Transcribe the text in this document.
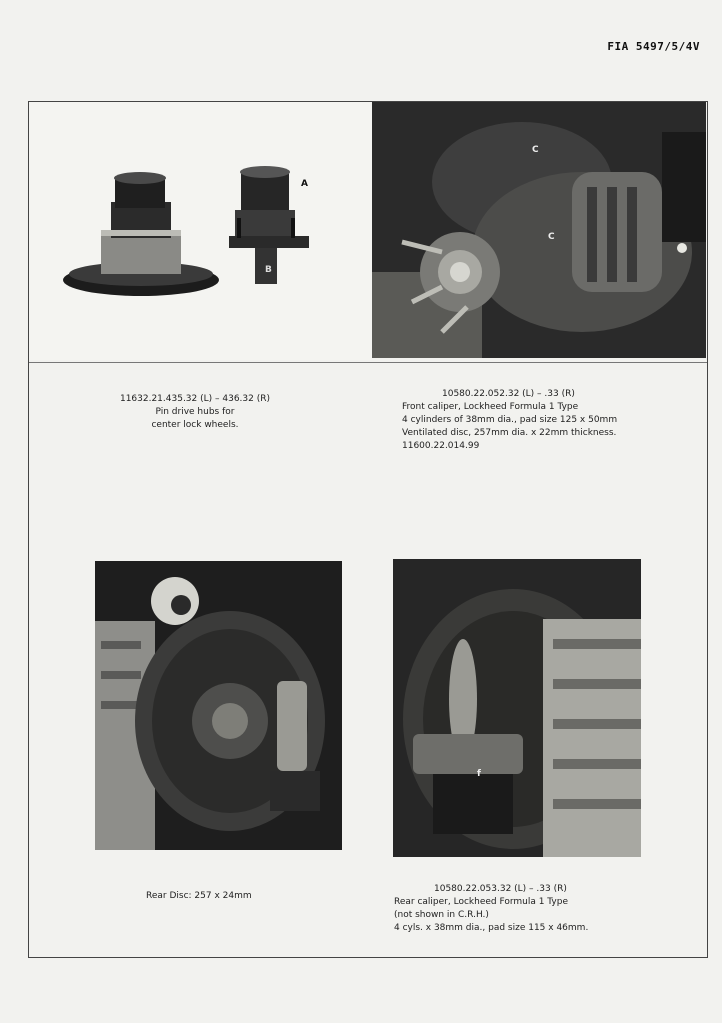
FIA 5497/5/4V
A
B
C
C
11632.21.435.32 (L) – 436.32 (R)
Pin drive hubs for
center lock wheels.
10580.22.052.32 (L) – .33 (R)
Front caliper, Lockheed Formula 1 Type
4 cylinders of 38mm dia., pad size 125 x 50mm
Ventilated disc, 257mm dia. x 22mm thickness.
11600.22.014.99
f
Rear Disc: 257 x 24mm
10580.22.053.32 (L) – .33 (R)
Rear caliper, Lockheed Formula 1 Type
(not shown in C.R.H.)
4 cyls. x 38mm dia., pad size 115 x 46mm.
